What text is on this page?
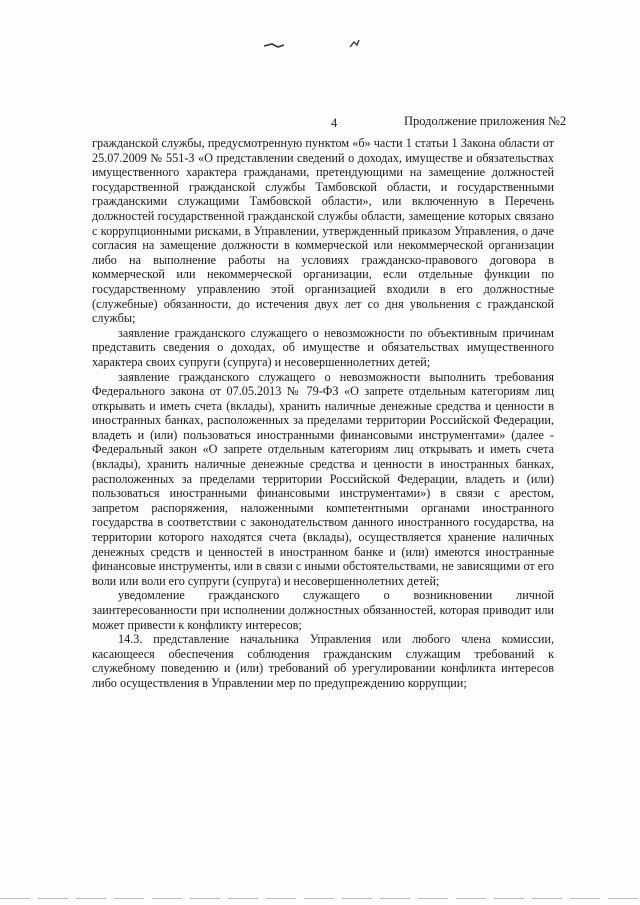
4	Продолжение приложения №2

гражданской службы, предусмотренную пунктом «б» части 1 статьи 1 Закона области от 25.07.2009 № 551-З «О представлении сведений о доходах, имуществе и обязательствах имущественного характера гражданами, претендующими на замещение должностей государственной гражданской службы Тамбовской области, и государственными гражданскими служащими Тамбовской области», или включенную в Перечень должностей государственной гражданской службы области, замещение которых связано с коррупционными рисками, в Управлении, утвержденный приказом Управления, о даче согласия на замещение должности в коммерческой или некоммерческой организации либо на выполнение работы на условиях гражданско-правового договора в коммерческой или некоммерческой организации, если отдельные функции по государственному управлению этой организацией входили в его должностные (служебные) обязанности, до истечения двух лет со дня увольнения с гражданской службы;

заявление гражданского служащего о невозможности по объективным причинам представить сведения о доходах, об имуществе и обязательствах имущественного характера своих супруги (супруга) и несовершеннолетних детей;

заявление гражданского служащего о невозможности выполнить требования Федерального закона от 07.05.2013 № 79-ФЗ «О запрете отдельным категориям лиц открывать и иметь счета (вклады), хранить наличные денежные средства и ценности в иностранных банках, расположенных за пределами территории Российской Федерации, владеть и (или) пользоваться иностранными финансовыми инструментами» (далее - Федеральный закон «О запрете отдельным категориям лиц открывать и иметь счета (вклады), хранить наличные денежные средства и ценности в иностранных банках, расположенных за пределами территории Российской Федерации, владеть и (или) пользоваться иностранными финансовыми инструментами») в связи с арестом, запретом распоряжения, наложенными компетентными органами иностранного государства в соответствии с законодательством данного иностранного государства, на территории которого находятся счета (вклады), осуществляется хранение наличных денежных средств и ценностей в иностранном банке и (или) имеются иностранные финансовые инструменты, или в связи с иными обстоятельствами, не зависящими от его воли или воли его супруги (супруга) и несовершеннолетних детей;

уведомление гражданского служащего о возникновении личной заинтересованности при исполнении должностных обязанностей, которая приводит или может привести к конфликту интересов;

14.3. представление начальника Управления или любого члена комиссии, касающееся обеспечения соблюдения гражданским служащим требований к служебному поведению и (или) требований об урегулировании конфликта интересов либо осуществления в Управлении мер по предупреждению коррупции;
